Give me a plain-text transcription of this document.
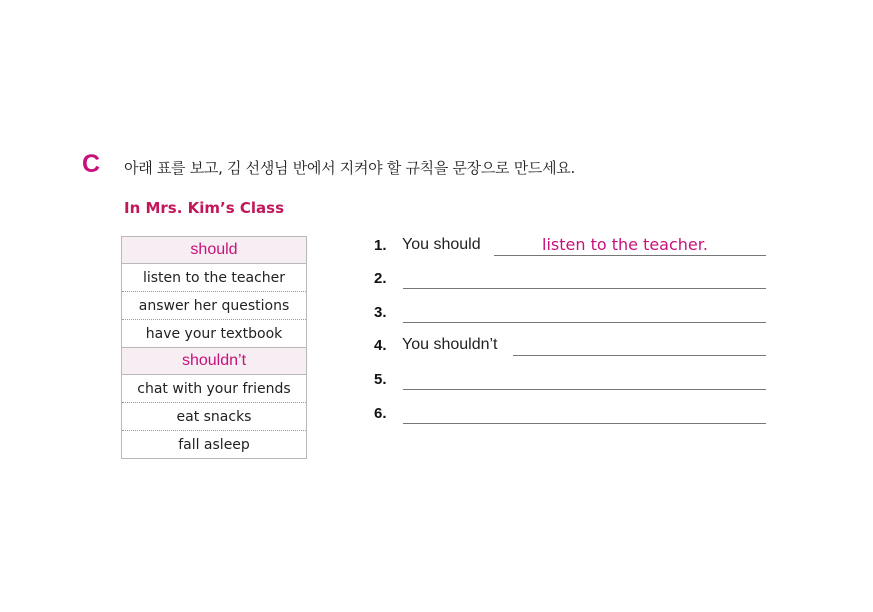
C 아래 표를 보고, 김 선생님 반에서 지켜야 할 규칙을 문장으로 만드세요.
In Mrs. Kim’s Class
should
listen to the teacher
answer her questions
have your textbook
shouldn’t
chat with your friends
eat snacks
fall asleep
1. You should	listen to the teacher.
2.
3.
4. You shouldn’t
5.
6.
